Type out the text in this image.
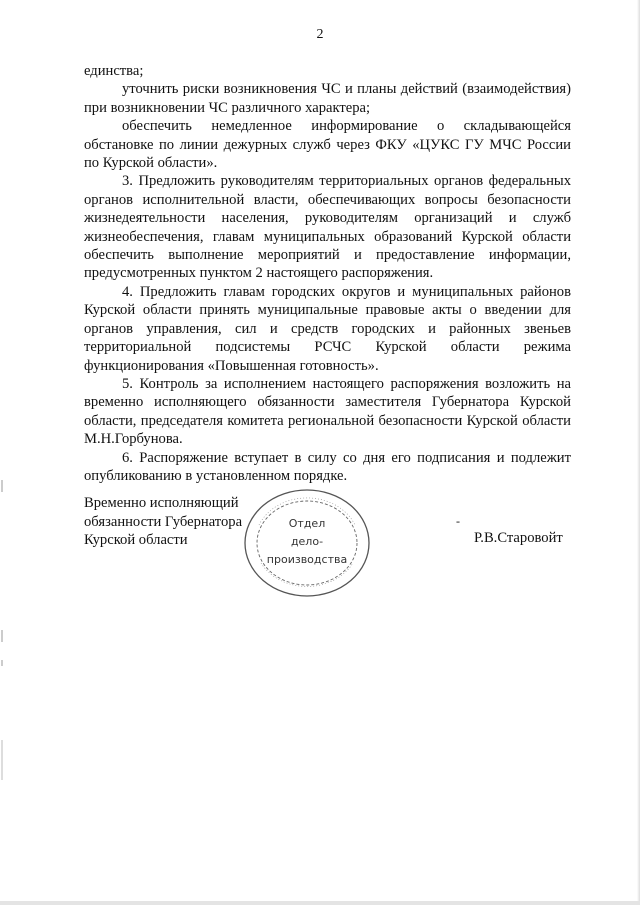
2

единства;

уточнить риски возникновения ЧС и планы действий (взаимодействия) при возникновении ЧС различного характера;

обеспечить немедленное информирование о складывающейся обстановке по линии дежурных служб через ФКУ «ЦУКС ГУ МЧС России по Курской области».

3. Предложить руководителям территориальных органов федеральных органов исполнительной власти, обеспечивающих вопросы безопасности жизнедеятельности населения, руководителям организаций и служб жизнеобеспечения, главам муниципальных образований Курской области обеспечить выполнение мероприятий и предоставление информации, предусмотренных пунктом 2 настоящего распоряжения.

4. Предложить главам городских округов и муниципальных районов Курской области принять муниципальные правовые акты о введении для органов управления, сил и средств городских и районных звеньев территориальной подсистемы РСЧС Курской области режима функционирования «Повышенная готовность».

5. Контроль за исполнением настоящего распоряжения возложить на временно исполняющего обязанности заместителя Губернатора Курской области, председателя комитета региональной безопасности Курской области М.Н.Горбунова.

6. Распоряжение вступает в силу со дня его подписания и подлежит опубликованию в установленном порядке.

Временно исполняющий
обязанности Губернатора
Курской области
-
Р.В.Старовойт
Отдел
дело-
производства
